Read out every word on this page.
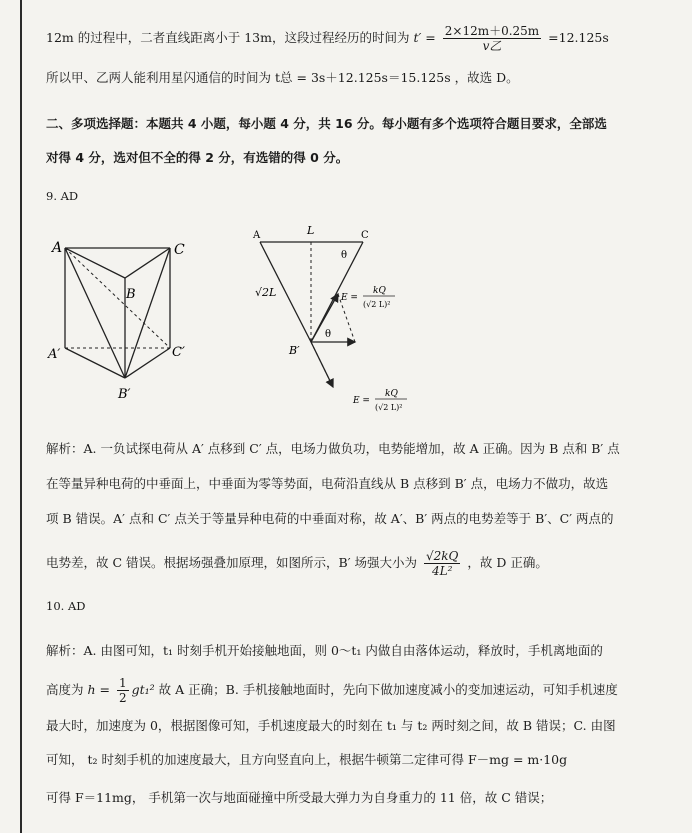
12m 的过程中，二者直线距离小于 13m，这段过程经历的时间为 $t' = \frac{2\times 12m+0.25m}{\text{v乙}} =12.125s$
所以甲、乙两人能利用星闪通信的时间为 t总 = 3s＋12.125s＝15.125s ，故选 D。
二、多项选择题：本题共 4 小题，每小题 4 分，共 16 分。每小题有多个选项符合题目要求，全部选
对得 4 分，选对但不全的得 2 分，有选错的得 0 分。
9. AD
A	C
B
A′	C′
B′
A	L	C
θ
√2L
θ
B′
E =
kQ
(√2 L)²
E =
kQ
(√2 L)²
解析：A. 一负试探电荷从 A′ 点移到 C′ 点，电场力做负功，电势能增加，故 A 正确。因为 B 点和 B′ 点
在等量异种电荷的中垂面上，中垂面为零等势面，电荷沿直线从 B 点移到 B′ 点，电场力不做功，故选
项 B 错误。A′ 点和 C′ 点关于等量异种电荷的中垂面对称，故 A′、B′ 两点的电势差等于 B′、C′ 两点的
电势差，故 C 错误。根据场强叠加原理，如图所示，B′ 场强大小为 $\frac{√2kQ}{\text{4L²}}$ ，故 D 正确。
10. AD
解析：A. 由图可知，t₁ 时刻手机开始接触地面，则 0～t₁ 内做自由落体运动，释放时，手机离地面的
高度为 $h = \frac{1}{2} gt_1^2$ 故 A 正确；B. 手机接触地面时，先向下做加速度减小的变加速运动，可知手机速度
最大时，加速度为 0，根据图像可知，手机速度最大的时刻在 t₁ 与 t₂ 两时刻之间，故 B 错误；C. 由图
可知， t₂ 时刻手机的加速度最大，且方向竖直向上，根据牛顿第二定律可得 F－mg = m·10g
可得 F＝11mg， 手机第一次与地面碰撞中所受最大弹力为自身重力的 11 倍，故 C 错误；
